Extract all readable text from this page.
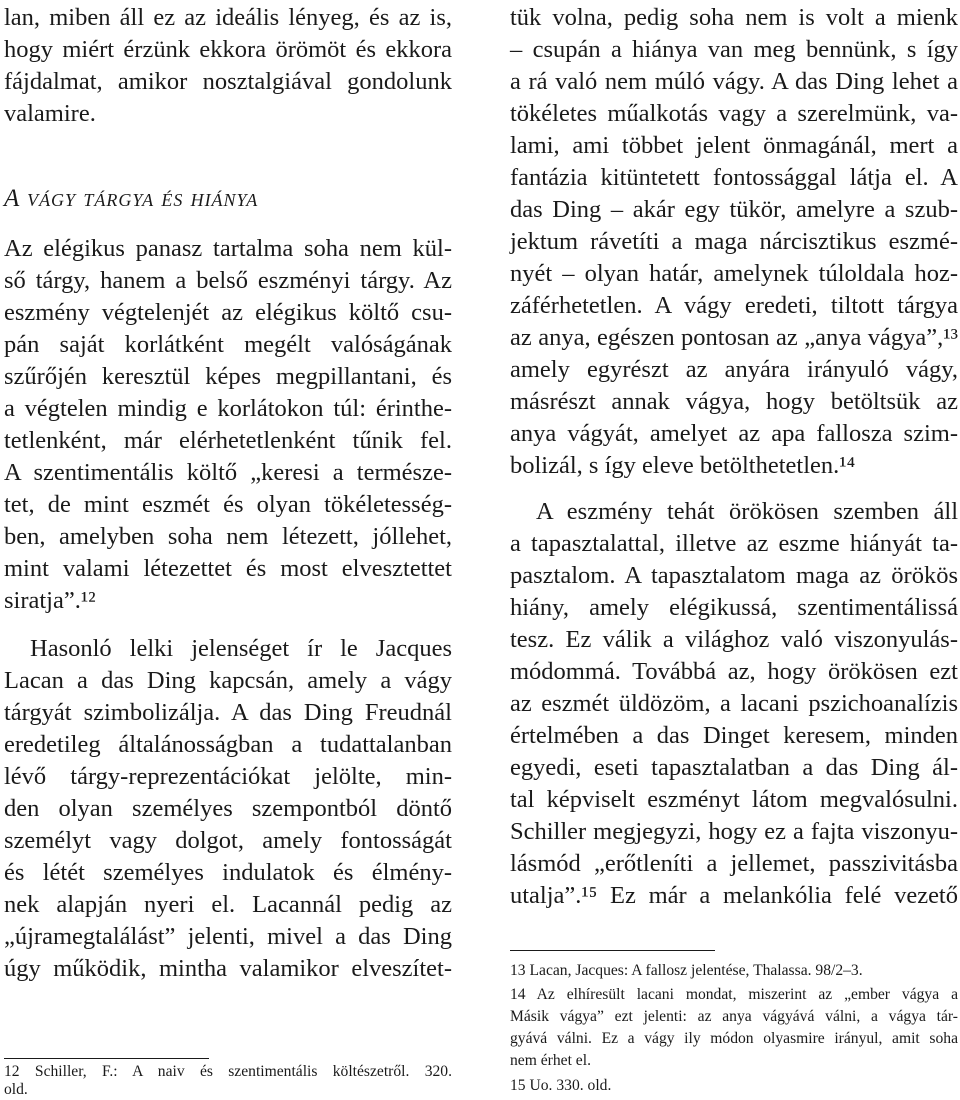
lan, miben áll ez az ideális lényeg, és az is,
hogy miért érzünk ekkora örömöt és ekkora
fájdalmat, amikor nosztalgiával gondolunk
valamire.
A vágy tárgya és hiánya
Az elégikus panasz tartalma soha nem kül-
ső tárgy, hanem a belső eszményi tárgy. Az
eszmény végtelenjét az elégikus költő csu-
pán saját korlátként megélt valóságának
szűrőjén keresztül képes megpillantani, és
a végtelen mindig e korlátokon túl: érinthe-
tetlenként, már elérhetetlenként tűnik fel.
A szentimentális költő „keresi a természe-
tet, de mint eszmét és olyan tökéletesség-
ben, amelyben soha nem létezett, jóllehet,
mint valami létezettet és most elvesztettet
siratja”.¹²
Hasonló lelki jelenséget ír le Jacques
Lacan a das Ding kapcsán, amely a vágy
tárgyát szimbolizálja. A das Ding Freudnál
eredetileg általánosságban a tudattalanban
lévő tárgy-reprezentációkat jelölte, min-
den olyan személyes szempontból döntő
személyt vagy dolgot, amely fontosságát
és létét személyes indulatok és élmény-
nek alapján nyeri el. Lacannál pedig az
„újramegtalálást” jelenti, mivel a das Ding
úgy működik, mintha valamikor elveszítet-
12 Schiller, F.: A naiv és szentimentális költészetről. 320.
old.
tük volna, pedig soha nem is volt a mienk
– csupán a hiánya van meg bennünk, s így
a rá való nem múló vágy. A das Ding lehet a
tökéletes műalkotás vagy a szerelmünk, va-
lami, ami többet jelent önmagánál, mert a
fantázia kitüntetett fontossággal látja el. A
das Ding – akár egy tükör, amelyre a szub-
jektum rávetíti a maga nárcisztikus eszmé-
nyét – olyan határ, amelynek túloldala hoz-
záférhetetlen. A vágy eredeti, tiltott tárgya
az anya, egészen pontosan az „anya vágya”,¹³
amely egyrészt az anyára irányuló vágy,
másrészt annak vágya, hogy betöltsük az
anya vágyát, amelyet az apa fallosza szim-
bolizál, s így eleve betölthetetlen.¹⁴
A eszmény tehát örökösen szemben áll
a tapasztalattal, illetve az eszme hiányát ta-
pasztalom. A tapasztalatom maga az örökös
hiány, amely elégikussá, szentimentálissá
tesz. Ez válik a világhoz való viszonyulás-
módommá. Továbbá az, hogy örökösen ezt
az eszmét üldözöm, a lacani pszichoanalízis
értelmében a das Dinget keresem, minden
egyedi, eseti tapasztalatban a das Ding ál-
tal képviselt eszményt látom megvalósulni.
Schiller megjegyzi, hogy ez a fajta viszonyu-
lásmód „erőtleníti a jellemet, passzivitásba
utalja”.¹⁵ Ez már a melankólia felé vezető
13 Lacan, Jacques: A fallosz jelentése, Thalassa. 98/2–3.
14 Az elhíresült lacani mondat, miszerint az „ember vágya a
Másik vágya” ezt jelenti: az anya vágyává válni, a vágya tár-
gyává válni. Ez a vágy ily módon olyasmire irányul, amit soha
nem érhet el.
15 Uo. 330. old.
